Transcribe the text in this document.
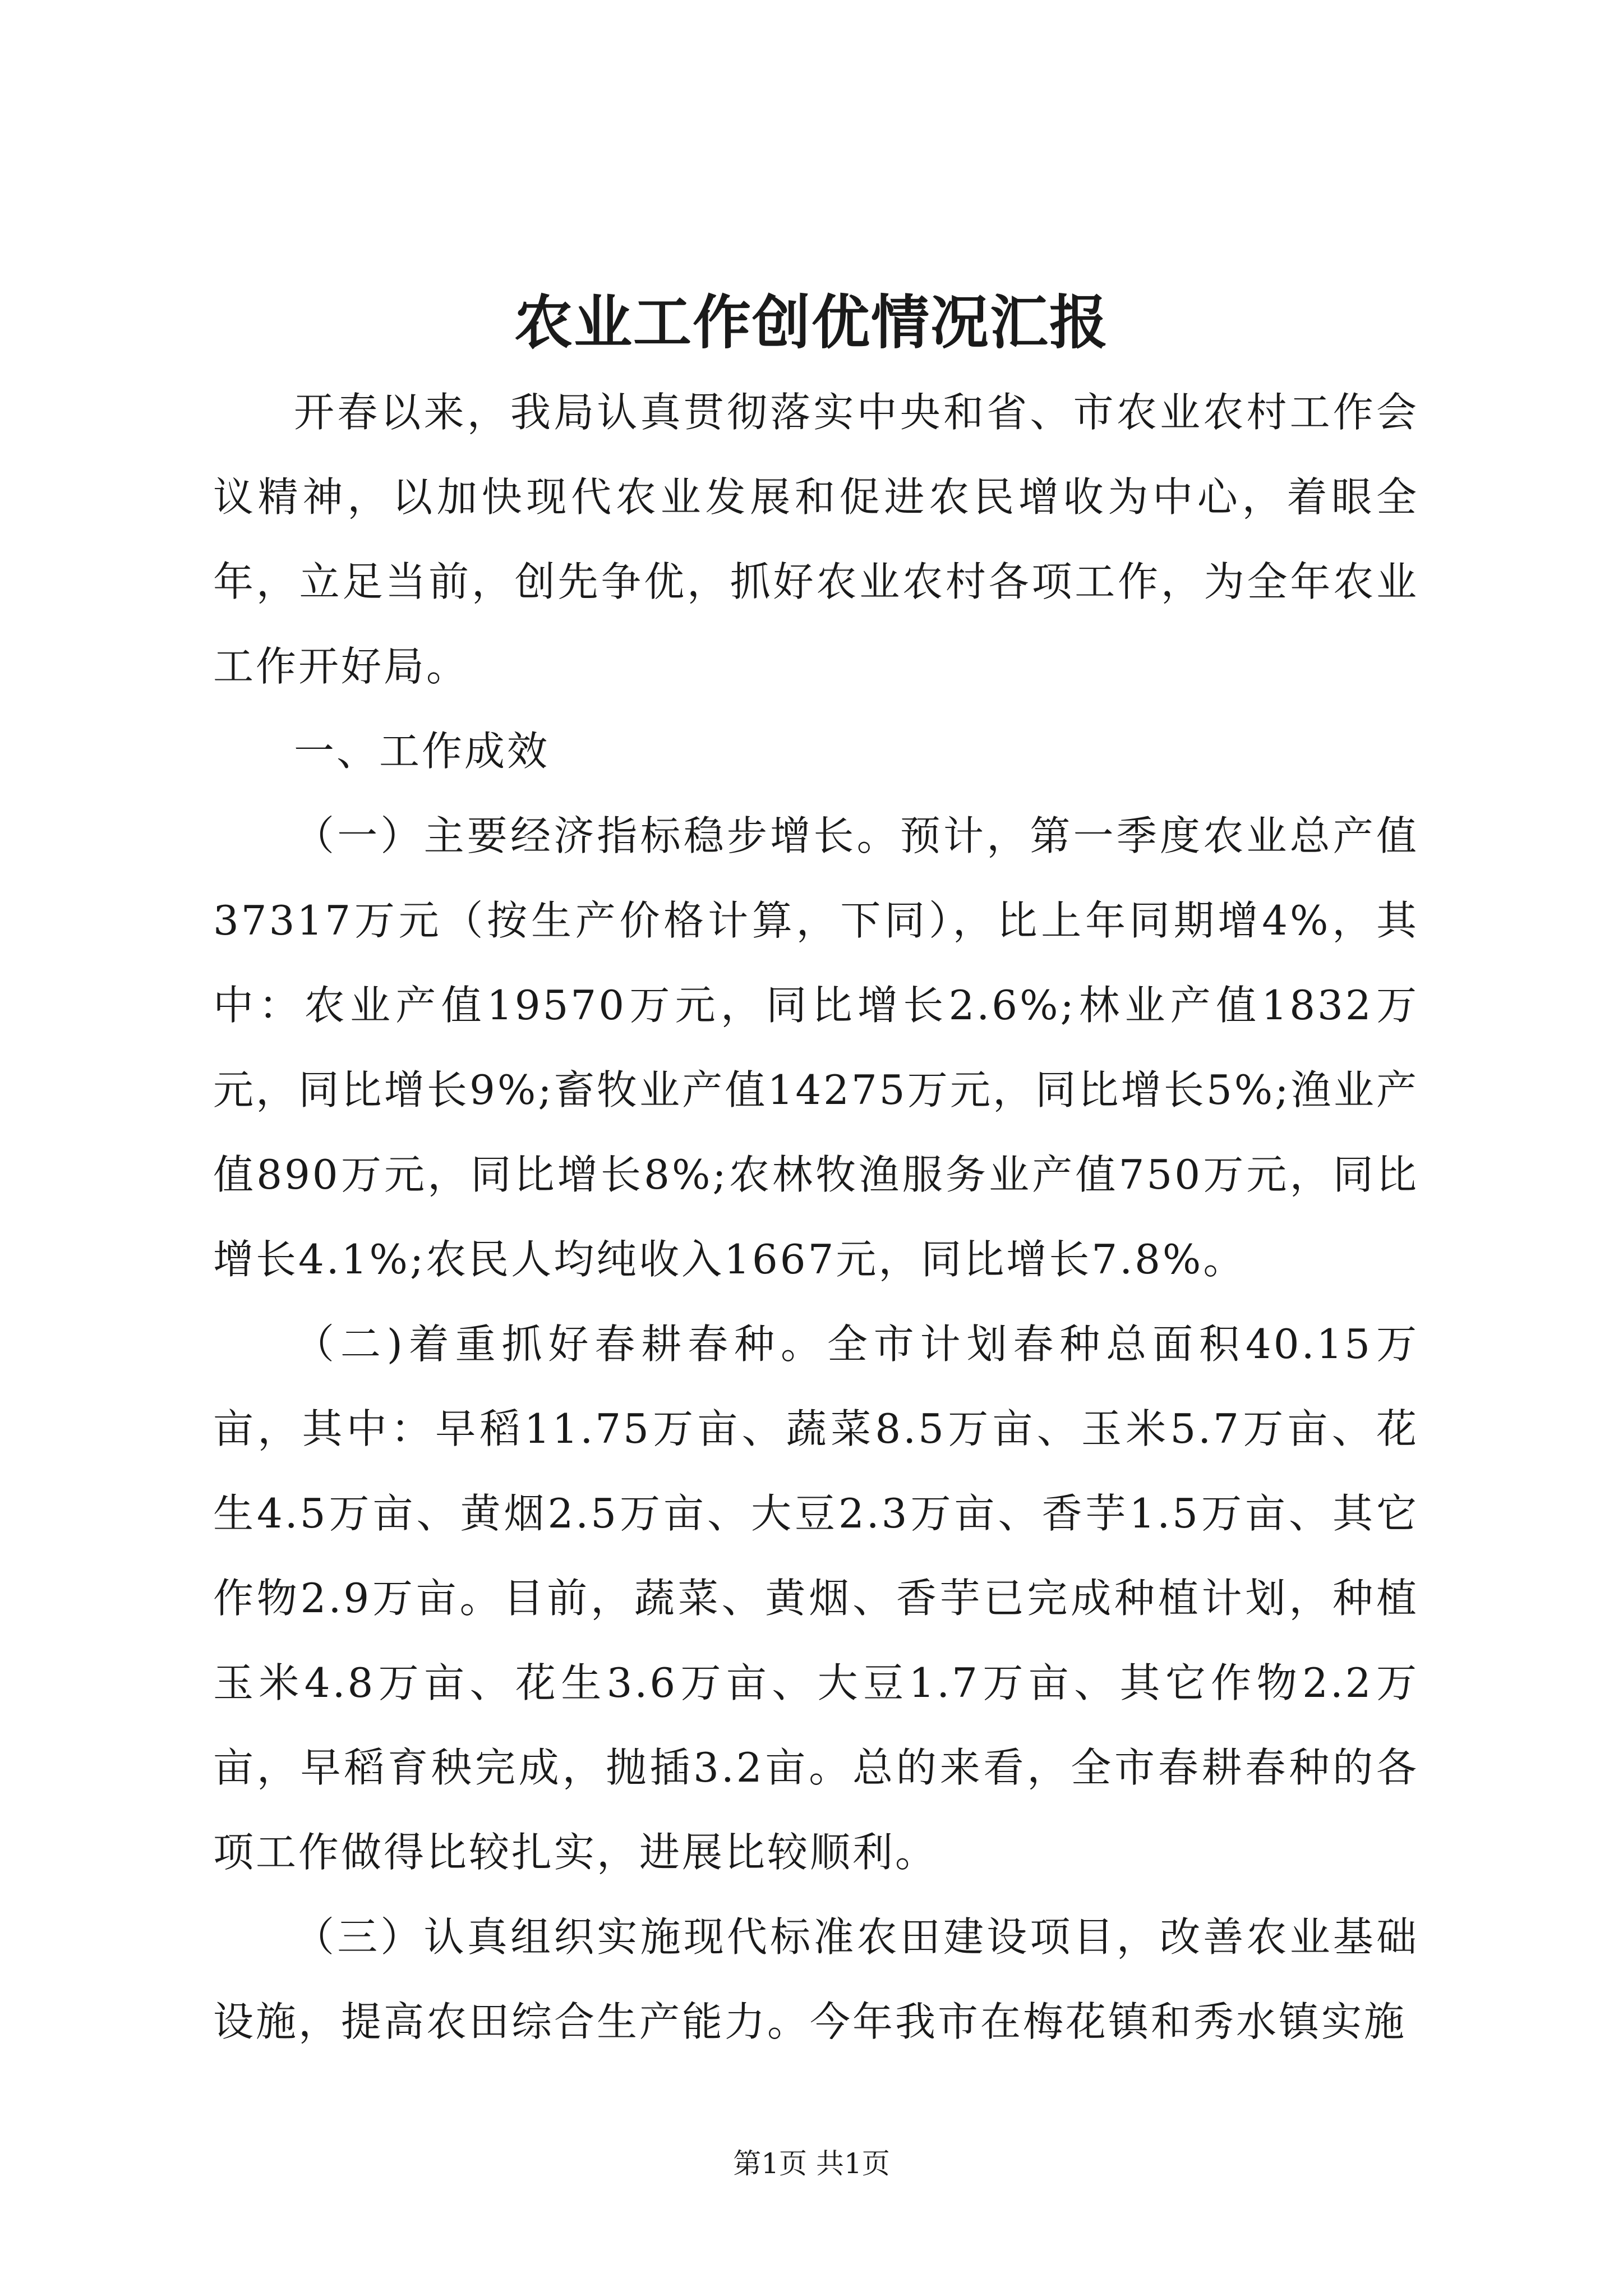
农业工作创优情况汇报

开春以来，我局认真贯彻落实中央和省、市农业农村工作会议精神，以加快现代农业发展和促进农民增收为中心，着眼全年，立足当前，创先争优，抓好农业农村各项工作，为全年农业工作开好局。

一、工作成效

（一）主要经济指标稳步增长。预计，第一季度农业总产值37317万元（按生产价格计算，下同），比上年同期增4%，其中：农业产值19570万元，同比增长2.6%;林业产值1832万元，同比增长9%;畜牧业产值14275万元，同比增长5%;渔业产值890万元，同比增长8%;农林牧渔服务业产值750万元，同比增长4.1%;农民人均纯收入1667元，同比增长7.8%。

（二)着重抓好春耕春种。全市计划春种总面积40.15万亩，其中：早稻11.75万亩、蔬菜8.5万亩、玉米5.7万亩、花生4.5万亩、黄烟2.5万亩、大豆2.3万亩、香芋1.5万亩、其它作物2.9万亩。目前，蔬菜、黄烟、香芋已完成种植计划，种植玉米4.8万亩、花生3.6万亩、大豆1.7万亩、其它作物2.2万亩，早稻育秧完成，抛插3.2亩。总的来看，全市春耕春种的各项工作做得比较扎实，进展比较顺利。

（三）认真组织实施现代标准农田建设项目，改善农业基础设施，提高农田综合生产能力。今年我市在梅花镇和秀水镇实施

第1页 共1页
